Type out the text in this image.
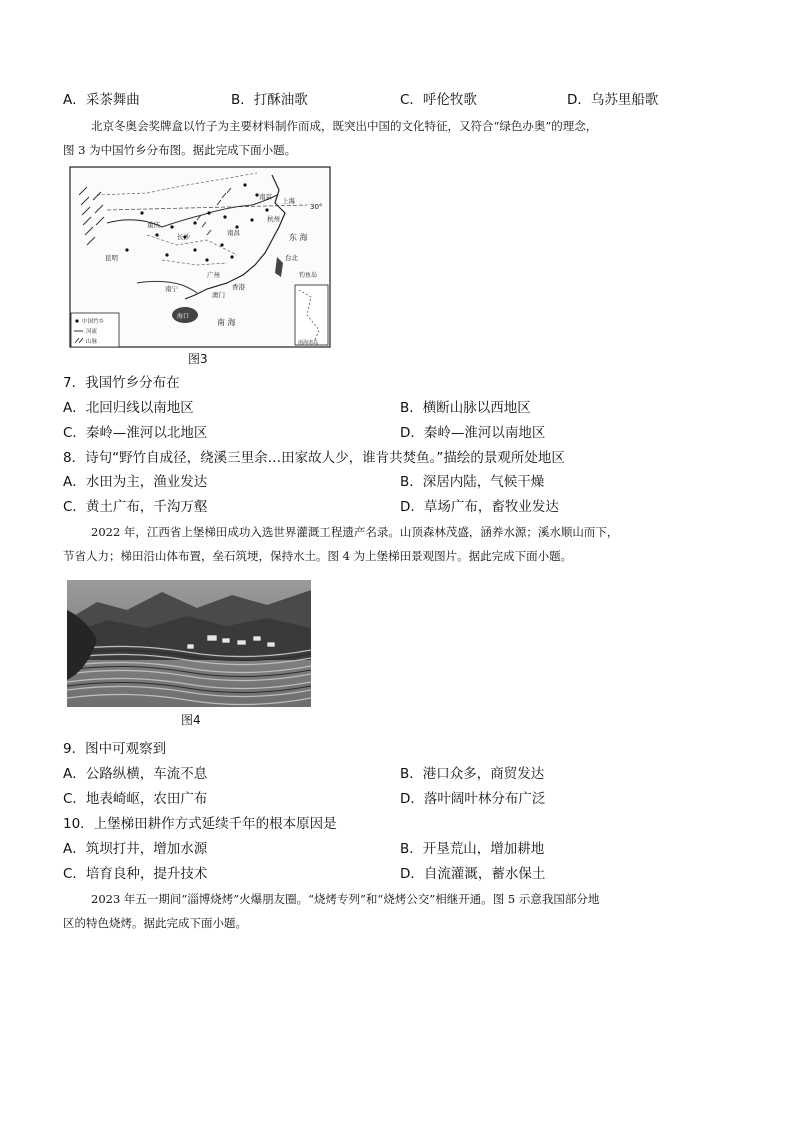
A．采茶舞曲	B．打酥油歌	C．呼伦牧歌	D．乌苏里船歌
北京冬奥会奖牌盒以竹子为主要材料制作而成，既突出中国的文化特征，又符合“绿色办奥”的理念，
图 3 为中国竹乡分布图。据此完成下面小题。
30°
东 海
南 海
台北
钓鱼岛
南京 上海
杭州
重庆
长沙	南昌
昆明
广州
南宁	香港
澳门
海口
南海诸岛
中国竹乡
河流
山脉
图3
7．我国竹乡分布在
A．北回归线以南地区	B．横断山脉以西地区
C．秦岭—淮河以北地区	D．秦岭—淮河以南地区
8．诗句“野竹自成径，绕溪三里余…田家故人少，谁肯共焚鱼。”描绘的景观所处地区
A．水田为主，渔业发达	B．深居内陆，气候干燥
C．黄土广布，千沟万壑	D．草场广布，畜牧业发达
2022 年，江西省上堡梯田成功入选世界灌溉工程遗产名录。山顶森林茂盛，涵养水源；溪水顺山而下，
节省人力；梯田沿山体布置，垒石筑埂，保持水土。图 4 为上堡梯田景观图片。据此完成下面小题。
图4
9．图中可观察到
A．公路纵横，车流不息	B．港口众多，商贸发达
C．地表崎岖，农田广布	D．落叶阔叶林分布广泛
10．上堡梯田耕作方式延续千年的根本原因是
A．筑坝打井，增加水源	B．开垦荒山，增加耕地
C．培育良种，提升技术	D．自流灌溉，蓄水保土
2023 年五一期间“淄博烧烤”火爆朋友圈。“烧烤专列”和“烧烤公交”相继开通。图 5 示意我国部分地
区的特色烧烤。据此完成下面小题。
